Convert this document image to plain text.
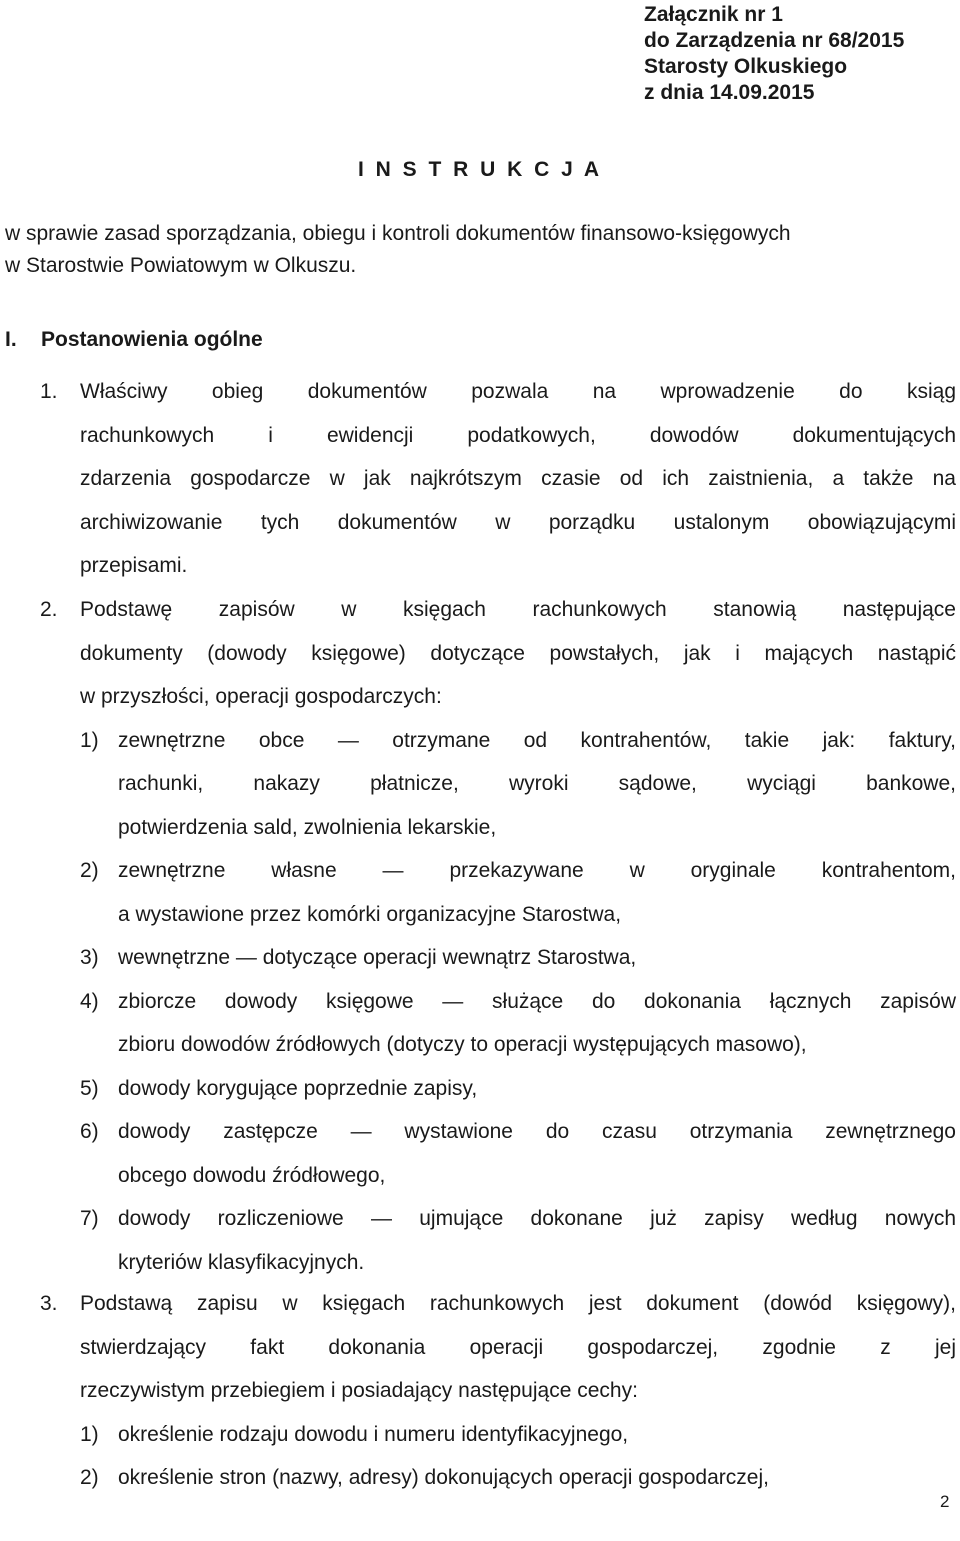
Załącznik nr 1
do Zarządzenia nr 68/2015
Starosty Olkuskiego
z dnia 14.09.2015
I N S T R U K C J A
w sprawie zasad sporządzania, obiegu i kontroli dokumentów finansowo-księgowych
w Starostwie Powiatowym w Olkuszu.
I. Postanowienia ogólne
1. Właściwy obieg dokumentów pozwala na wprowadzenie do ksiąg
rachunkowych i ewidencji podatkowych, dowodów dokumentujących
zdarzenia gospodarcze w jak najkrótszym czasie od ich zaistnienia, a także na
archiwizowanie tych dokumentów w porządku ustalonym obowiązującymi
przepisami.
2. Podstawę zapisów w księgach rachunkowych stanowią następujące
dokumenty (dowody księgowe) dotyczące powstałych, jak i mających nastąpić
w przyszłości, operacji gospodarczych:
1) zewnętrzne obce — otrzymane od kontrahentów, takie jak: faktury,
rachunki, nakazy płatnicze, wyroki sądowe, wyciągi bankowe,
potwierdzenia sald, zwolnienia lekarskie,
2) zewnętrzne własne — przekazywane w oryginale kontrahentom,
a wystawione przez komórki organizacyjne Starostwa,
3) wewnętrzne — dotyczące operacji wewnątrz Starostwa,
4) zbiorcze dowody księgowe — służące do dokonania łącznych zapisów
zbioru dowodów źródłowych (dotyczy to operacji występujących masowo),
5) dowody korygujące poprzednie zapisy,
6) dowody zastępcze — wystawione do czasu otrzymania zewnętrznego
obcego dowodu źródłowego,
7) dowody rozliczeniowe — ujmujące dokonane już zapisy według nowych
kryteriów klasyfikacyjnych.
3. Podstawą zapisu w księgach rachunkowych jest dokument (dowód księgowy),
stwierdzający fakt dokonania operacji gospodarczej, zgodnie z jej
rzeczywistym przebiegiem i posiadający następujące cechy:
1) określenie rodzaju dowodu i numeru identyfikacyjnego,
2) określenie stron (nazwy, adresy) dokonujących operacji gospodarczej,
2
